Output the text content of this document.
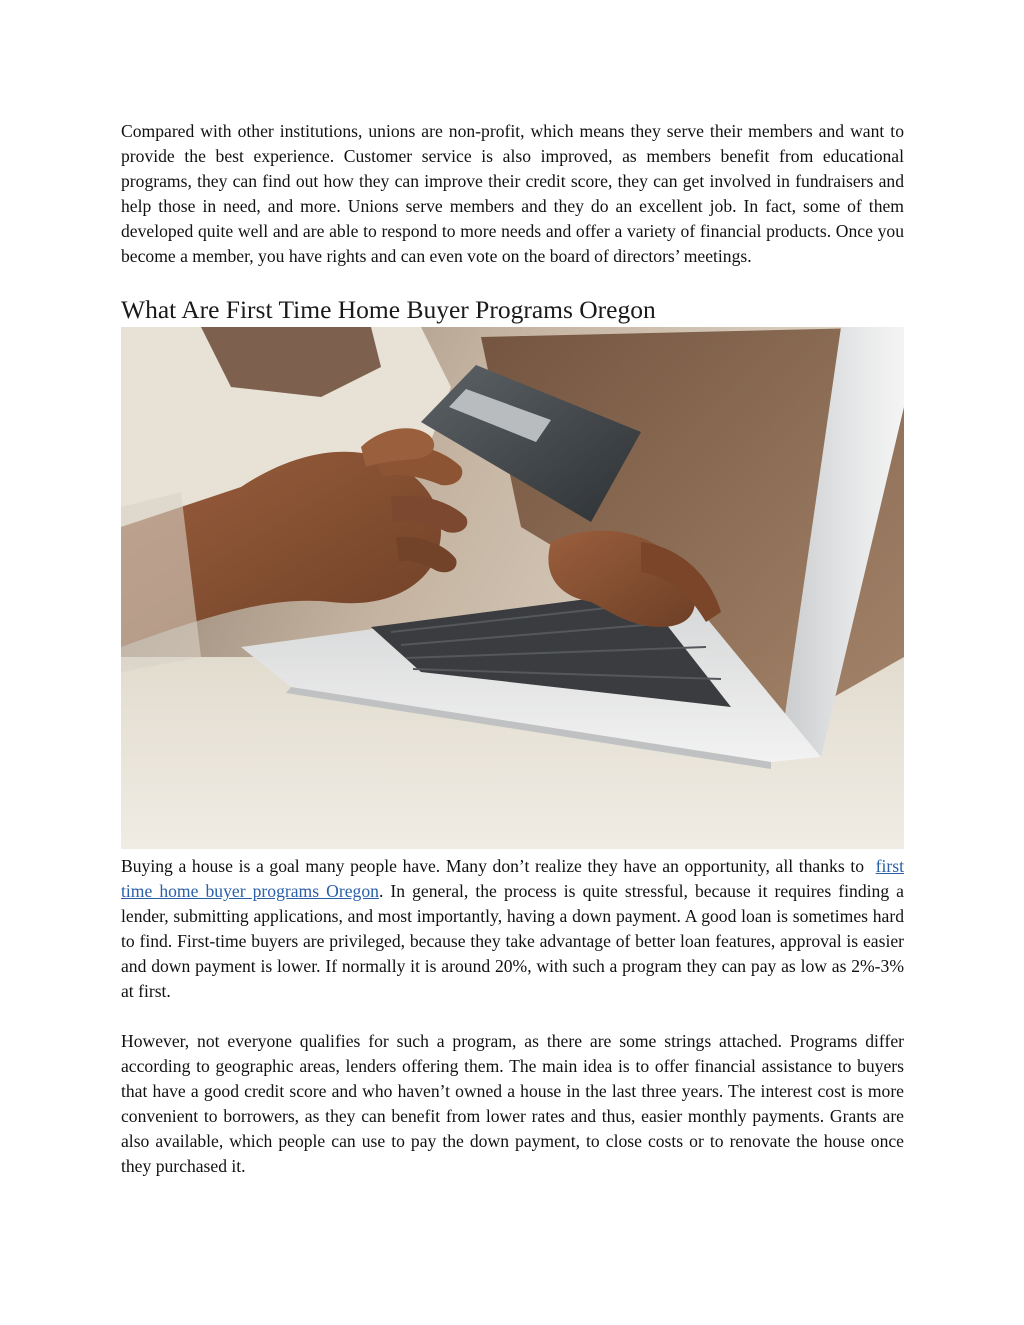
Compared with other institutions, unions are non-profit, which means they serve their members and want to provide the best experience. Customer service is also improved, as members benefit from educational programs, they can find out how they can improve their credit score, they can get involved in fundraisers and help those in need, and more. Unions serve members and they do an excellent job. In fact, some of them developed quite well and are able to respond to more needs and offer a variety of financial products. Once you become a member, you have rights and can even vote on the board of directors’ meetings.

What Are First Time Home Buyer Programs Oregon

Buying a house is a goal many people have. Many don’t realize they have an opportunity, all thanks to first time home buyer programs Oregon. In general, the process is quite stressful, because it requires finding a lender, submitting applications, and most importantly, having a down payment. A good loan is sometimes hard to find. First-time buyers are privileged, because they take advantage of better loan features, approval is easier and down payment is lower. If normally it is around 20%, with such a program they can pay as low as 2%-3% at first.

However, not everyone qualifies for such a program, as there are some strings attached. Programs differ according to geographic areas, lenders offering them. The main idea is to offer financial assistance to buyers that have a good credit score and who haven’t owned a house in the last three years. The interest cost is more convenient to borrowers, as they can benefit from lower rates and thus, easier monthly payments. Grants are also available, which people can use to pay the down payment, to close costs or to renovate the house once they purchased it.
